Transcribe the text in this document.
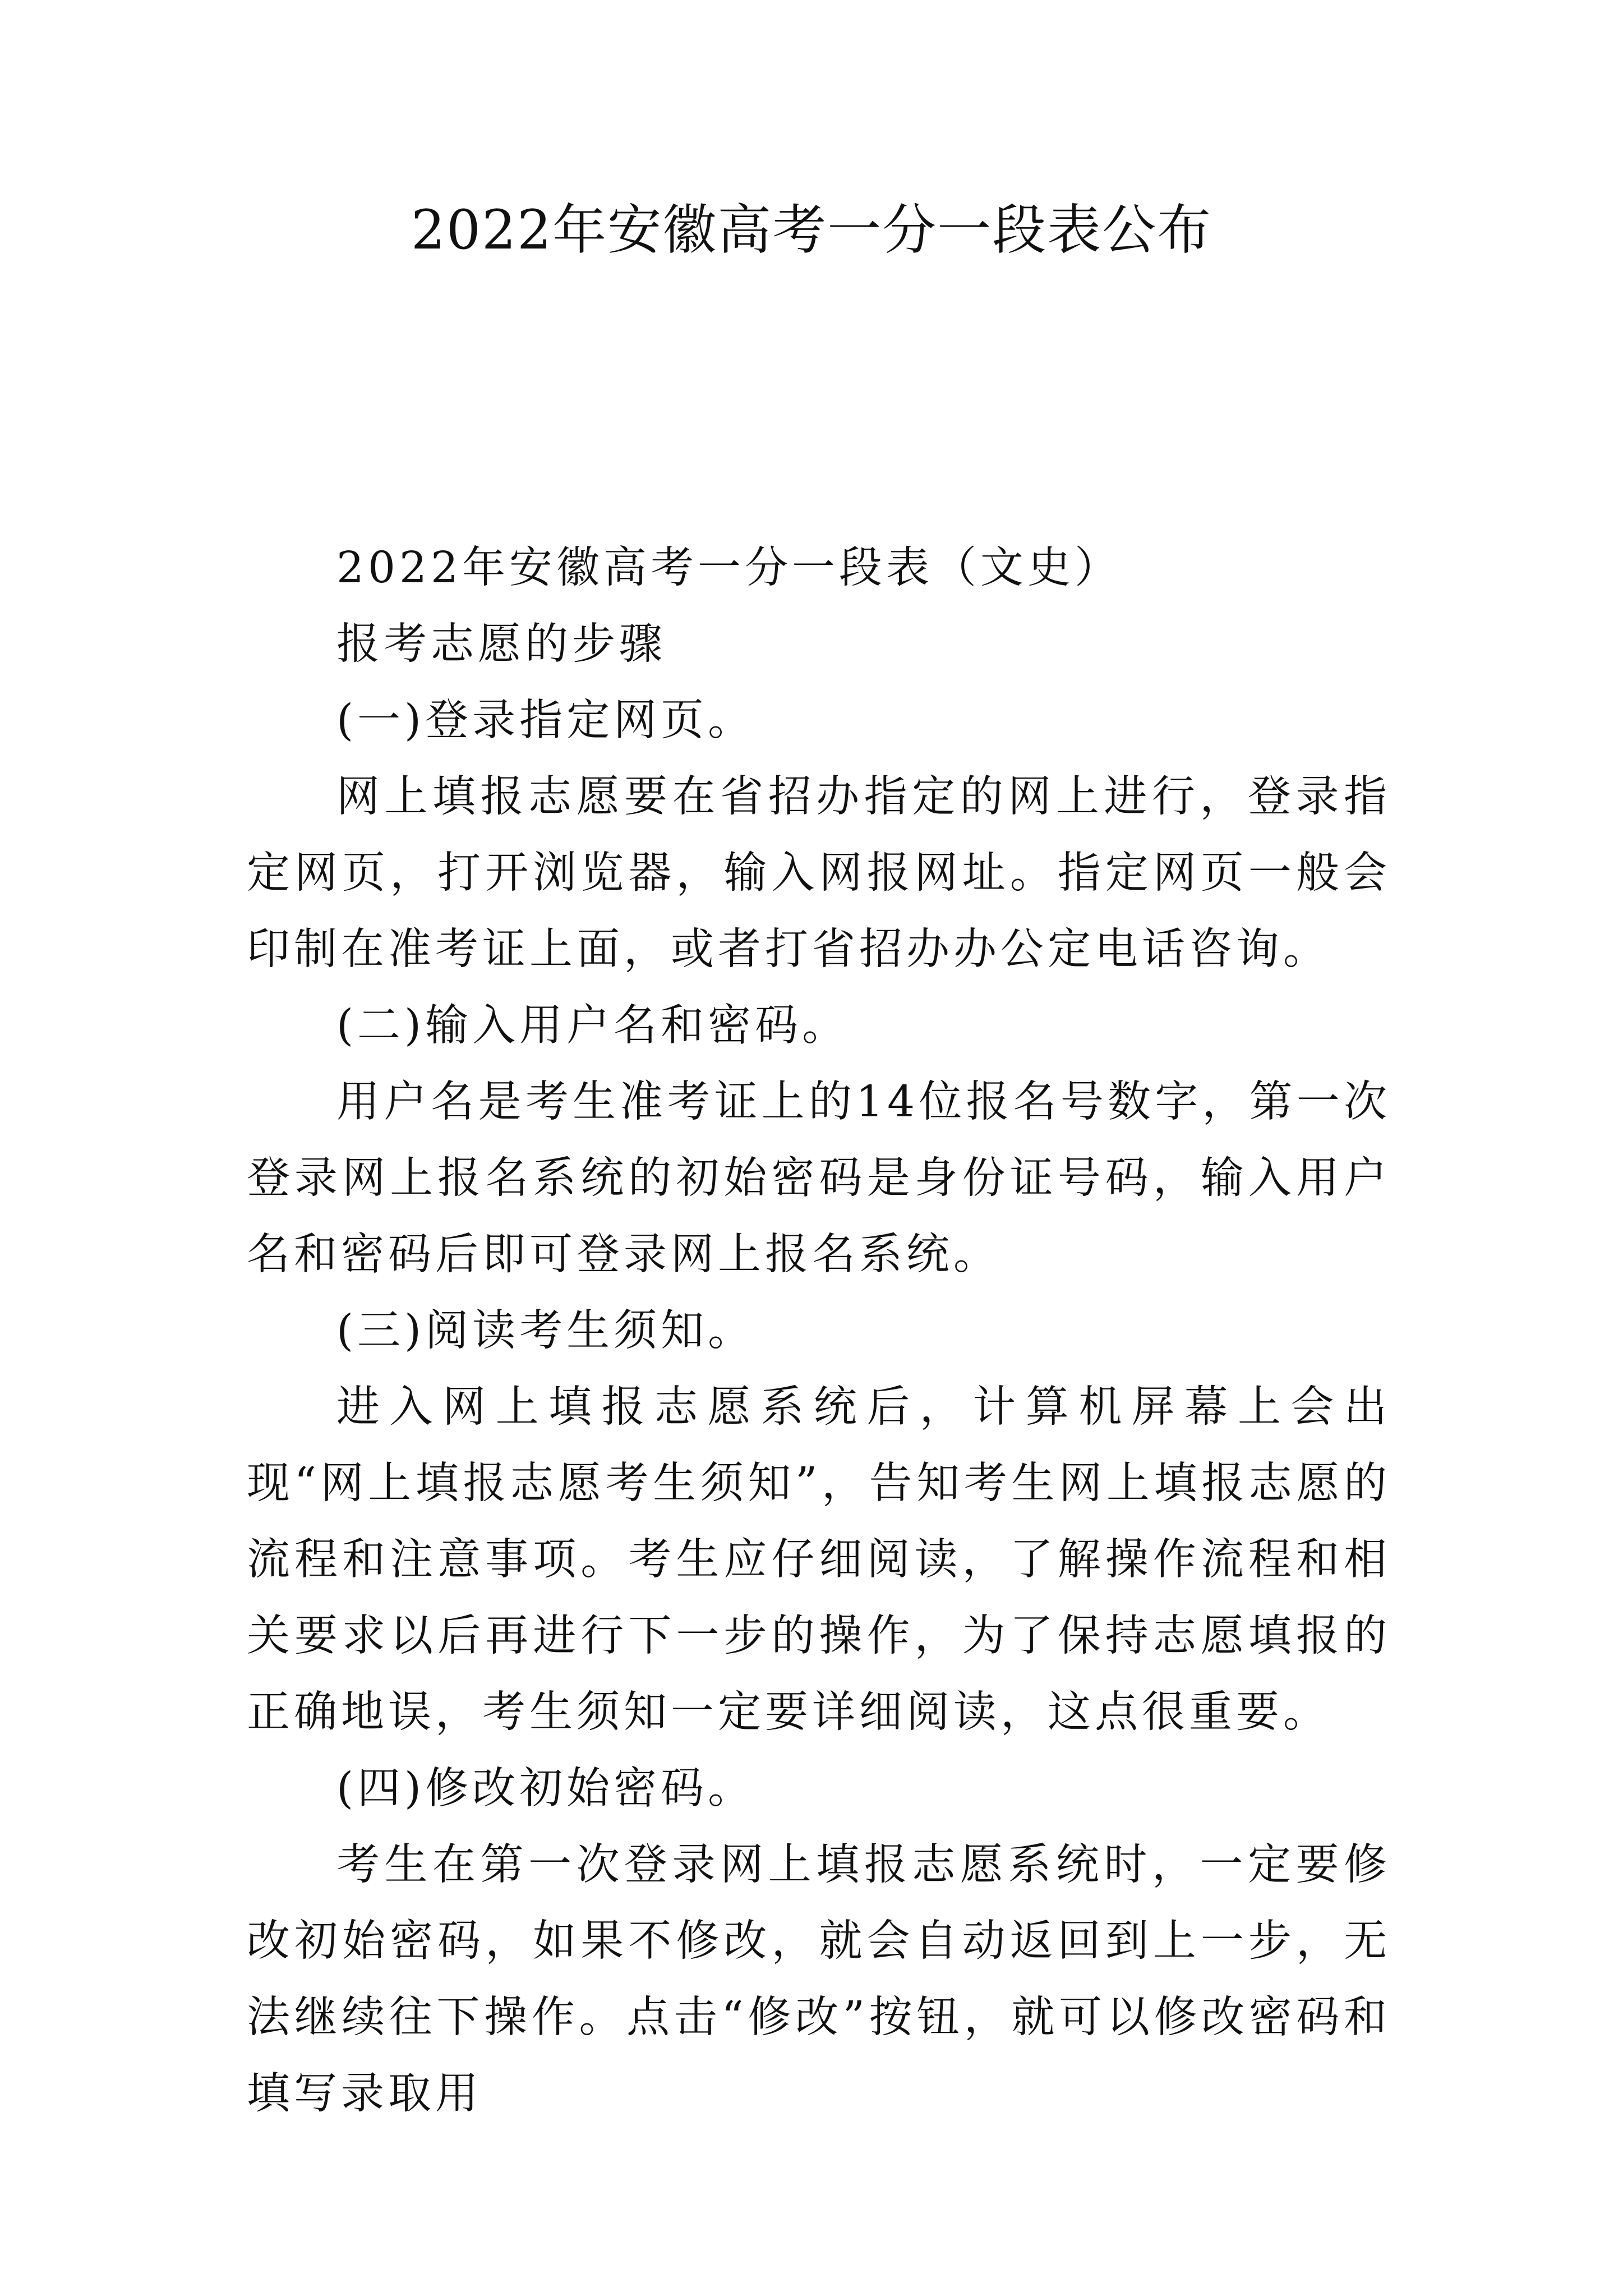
2022年安徽高考一分一段表公布

2022年安徽高考一分一段表（文史）

报考志愿的步骤

(一)登录指定网页。

网上填报志愿要在省招办指定的网上进行，登录指定网页，打开浏览器，输入网报网址。指定网页一般会印制在准考证上面，或者打省招办办公定电话咨询。

(二)输入用户名和密码。

用户名是考生准考证上的14位报名号数字，第一次登录网上报名系统的初始密码是身份证号码，输入用户名和密码后即可登录网上报名系统。

(三)阅读考生须知。

进入网上填报志愿系统后，计算机屏幕上会出现“网上填报志愿考生须知”，告知考生网上填报志愿的流程和注意事项。考生应仔细阅读，了解操作流程和相关要求以后再进行下一步的操作，为了保持志愿填报的正确地误，考生须知一定要详细阅读，这点很重要。

(四)修改初始密码。

考生在第一次登录网上填报志愿系统时，一定要修改初始密码，如果不修改，就会自动返回到上一步，无法继续往下操作。点击“修改”按钮，就可以修改密码和填写录取用
